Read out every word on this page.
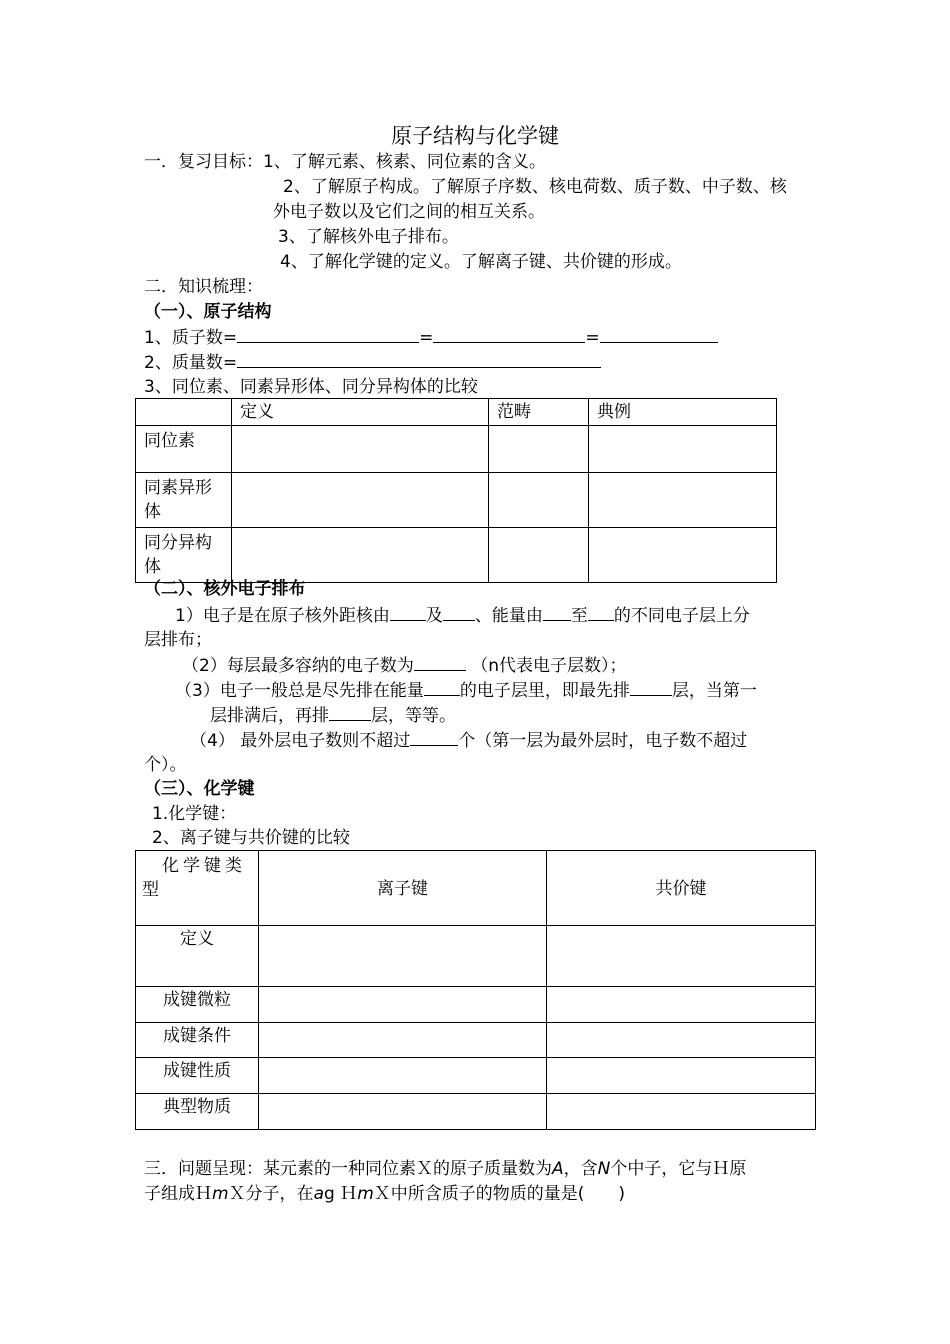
原子结构与化学键
一．复习目标：1、了解元素、核素、同位素的含义。
2、了解原子构成。了解原子序数、核电荷数、质子数、中子数、核
外电子数以及它们之间的相互关系。
3、了解核外电子排布。
4、了解化学键的定义。了解离子键、共价键的形成。
二．知识梳理：
（一）、原子结构
1、质子数=	=	=
2、质量数=
3、同位素、同素异形体、同分异构体的比较
	定义	范畴	典例
同位素			
同素异形体			
同分异构体			
（二）、核外电子排布
1）电子是在原子核外距核由 及 、能量由 至 的不同电子层上分
层排布；
（2）每层最多容纳的电子数为	（n代表电子层数）；
（3）电子一般总是尽先排在能量 的电子层里，即最先排 层，当第一
层排满后，再排 层，等等。
（4） 最外层电子数则不超过	个（第一层为最外层时，电子数不超过
个）。
（三）、化学键
1.化学键：
2、离子键与共价键的比较
化学键类
型	离子键	共价键
定义		
成键微粒		
成键条件		
成键性质		
典型物质		
三．问题呈现：某元素的一种同位素Ｘ的原子质量数为A，含N个中子，它与Ｈ原
子组成ＨmＸ分子，在ag ＨmＸ中所含质子的物质的量是(　　)
